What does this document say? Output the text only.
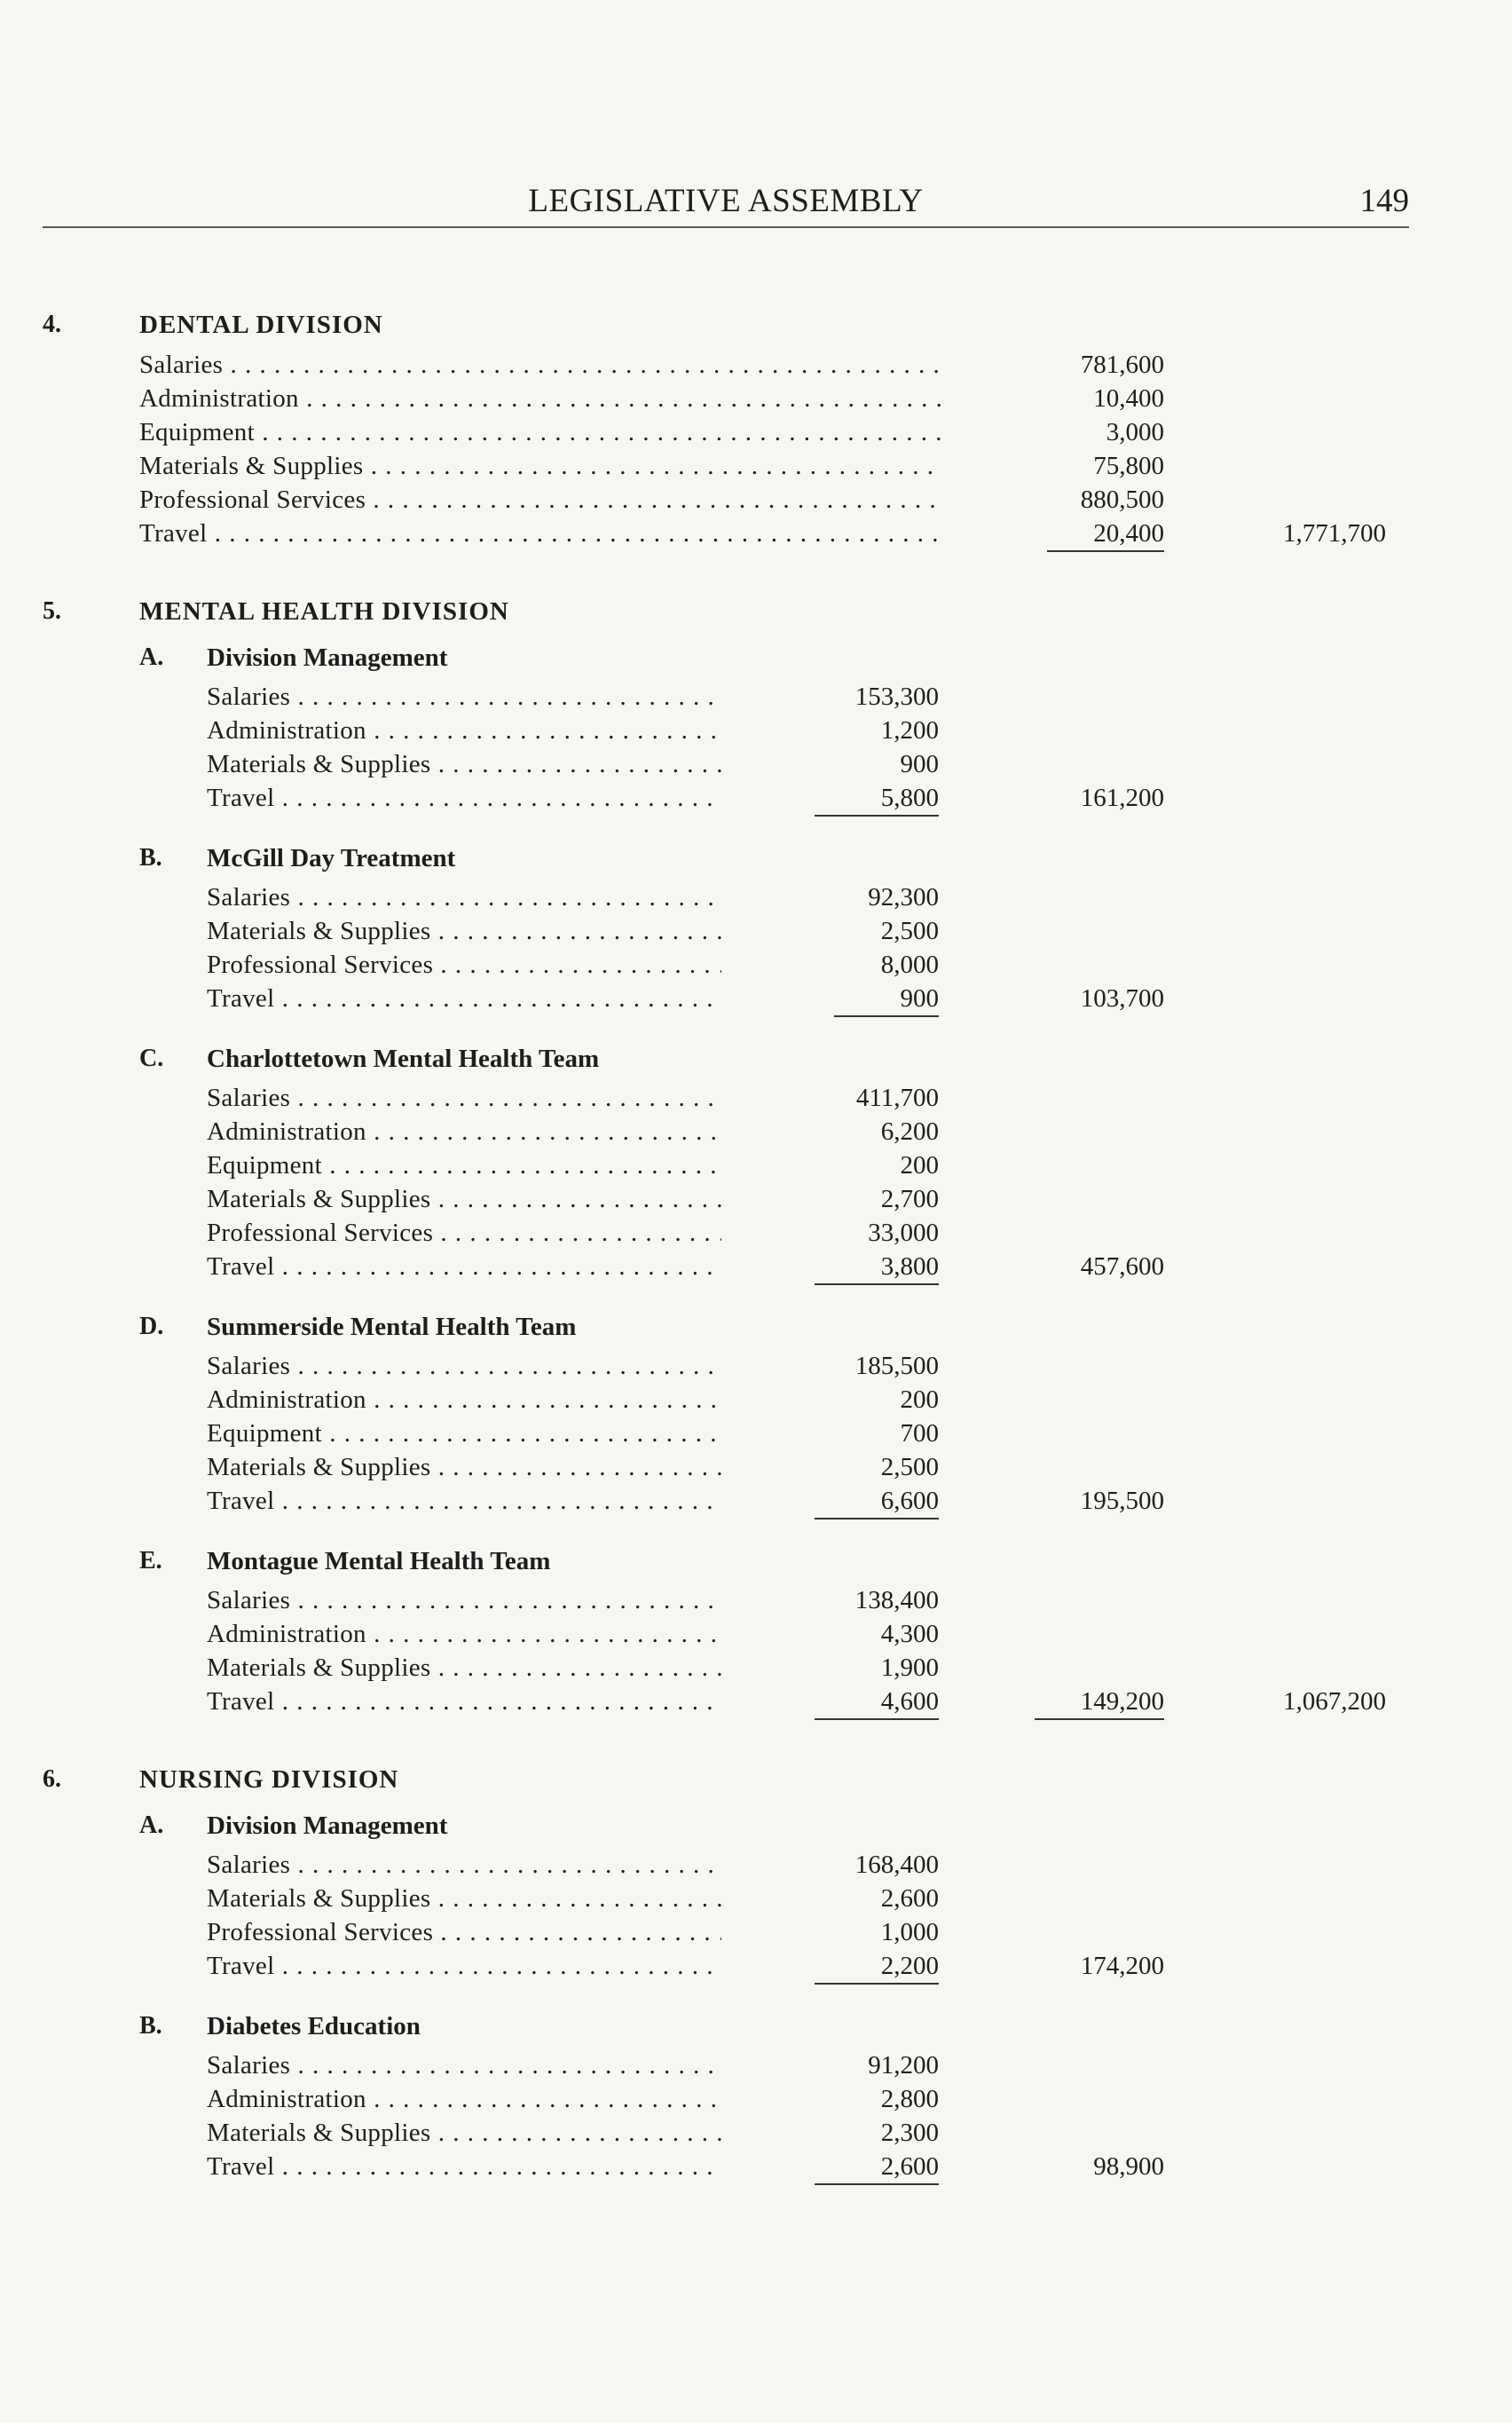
LEGISLATIVE ASSEMBLY	149
4.	DENTAL DIVISION
Salaries . . .	781,600
Administration . . .	10,400
Equipment . . .	3,000
Materials & Supplies . . .	75,800
Professional Services . . .	880,500
Travel . . .	20,400	1,771,700
5.	MENTAL HEALTH DIVISION
A. Division Management
Salaries . . .	153,300
Administration . . .	1,200
Materials & Supplies . . .	900
Travel . . .	5,800	161,200
B. McGill Day Treatment
Salaries . . .	92,300
Materials & Supplies . . .	2,500
Professional Services . . .	8,000
Travel . . .	900	103,700
C. Charlottetown Mental Health Team
Salaries . . .	411,700
Administration . . .	6,200
Equipment . . .	200
Materials & Supplies . . .	2,700
Professional Services . . .	33,000
Travel . . .	3,800	457,600
D. Summerside Mental Health Team
Salaries . . .	185,500
Administration . . .	200
Equipment . . .	700
Materials & Supplies . . .	2,500
Travel . . .	6,600	195,500
E. Montague Mental Health Team
Salaries . . .	138,400
Administration . . .	4,300
Materials & Supplies . . .	1,900
Travel . . .	4,600	149,200	1,067,200
6.	NURSING DIVISION
A. Division Management
Salaries . . .	168,400
Materials & Supplies . . .	2,600
Professional Services . . .	1,000
Travel . . .	2,200	174,200
B. Diabetes Education
Salaries . . .	91,200
Administration . . .	2,800
Materials & Supplies . . .	2,300
Travel . . .	2,600	98,900
